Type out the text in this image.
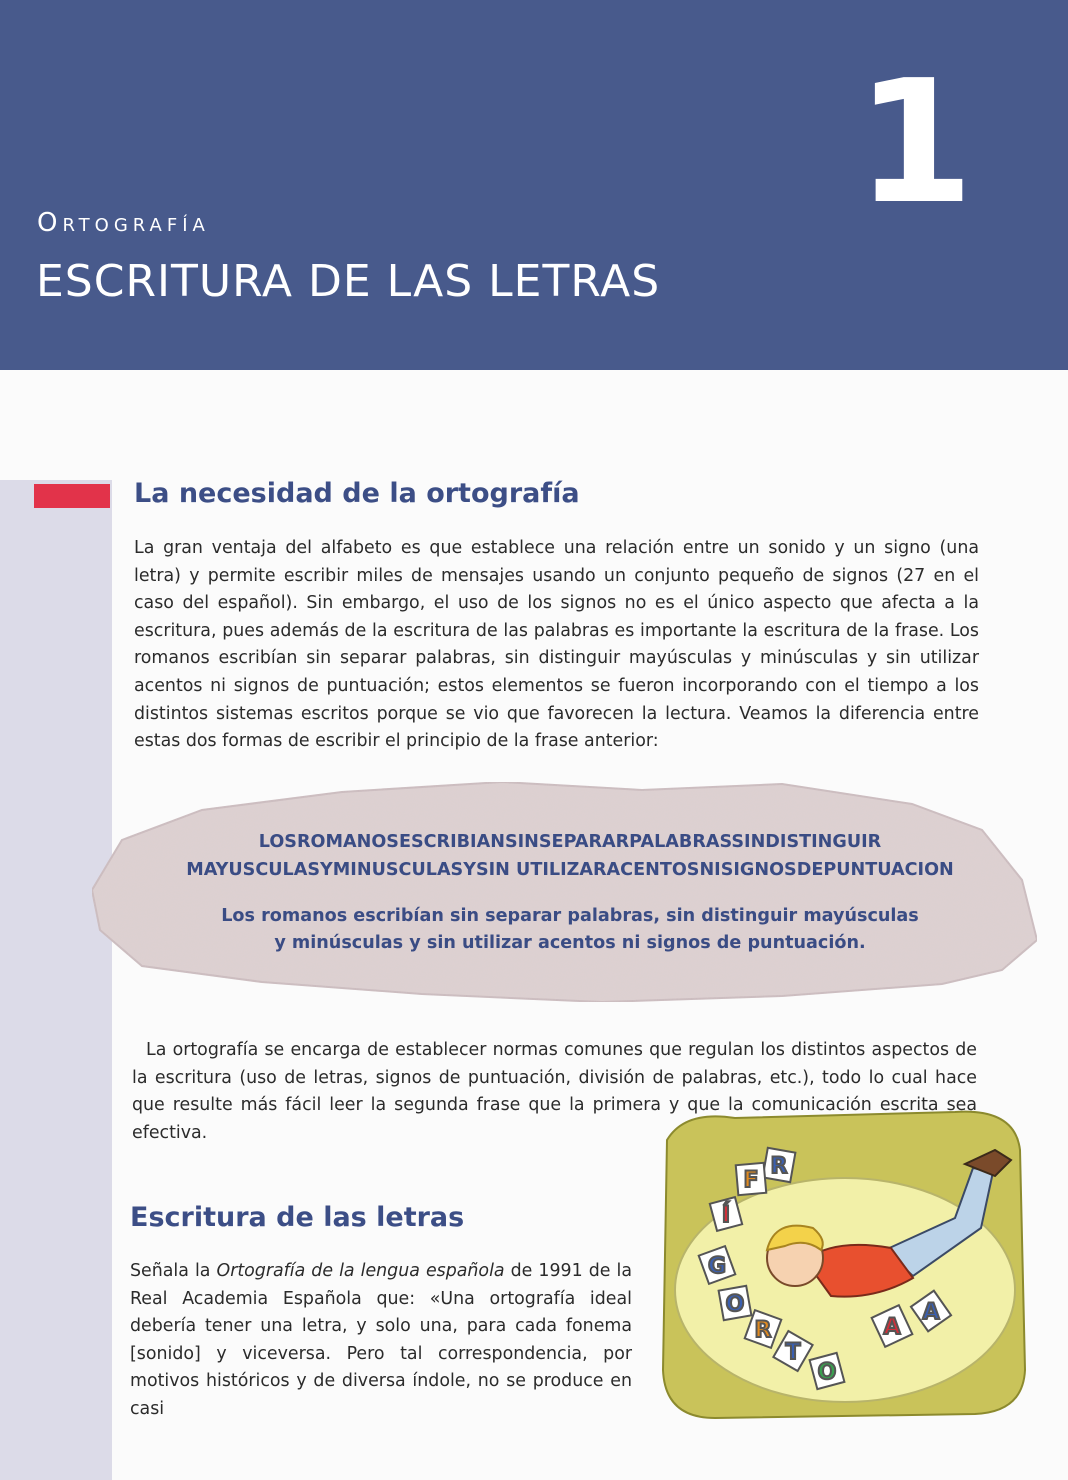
1
Ortografía
ESCRITURA DE LAS LETRAS
La necesidad de la ortografía
La gran ventaja del alfabeto es que establece una relación entre un sonido y un signo (una letra) y permite escribir miles de mensajes usando un conjunto pequeño de signos (27 en el caso del español). Sin embargo, el uso de los signos no es el único aspecto que afecta a la escritura, pues además de la escritura de las palabras es importante la escritura de la frase. Los romanos escribían sin separar palabras, sin distinguir mayúsculas y minúsculas y sin utilizar acentos ni signos de puntuación; estos elementos se fueron incorporando con el tiempo a los distintos sistemas escritos porque se vio que favorecen la lectura. Veamos la diferencia entre estas dos formas de escribir el principio de la frase anterior:
LOSROMANOSESCRIBIANSINSEPARARPALABRASSINDISTINGUIR
MAYUSCULASYMINUSCULASYSIN UTILIZARACENTOSNISIGNOSDEPUNTUACION
Los romanos escribían sin separar palabras, sin distinguir mayúsculas
y minúsculas y sin utilizar acentos ni signos de puntuación.
La ortografía se encarga de establecer normas comunes que regulan los distintos aspectos de la escritura (uso de letras, signos de puntuación, división de palabras, etc.), todo lo cual hace que resulte más fácil leer la segunda frase que la primera y que la comunicación escrita sea efectiva.
Escritura de las letras
Señala la Ortografía de la lengua española de 1991 de la Real Academia Española que: «Una ortografía ideal debería tener una letra, y solo una, para cada fonema [sonido] y viceversa. Pero tal correspondencia, por motivos históricos y de diversa índole, no se produce en casi
O
R
T
O
G
R
A
F
Í
A
